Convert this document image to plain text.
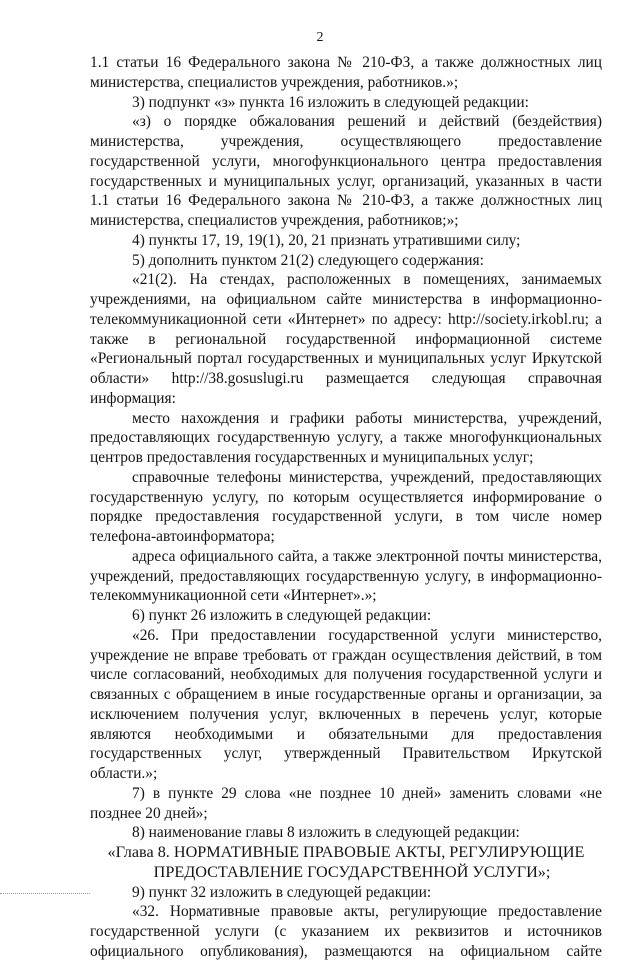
2
1.1 статьи 16 Федерального закона № 210-ФЗ, а также должностных лиц
министерства, специалистов учреждения, работников.»;
3) подпункт «з» пункта 16 изложить в следующей редакции:
«з) о порядке обжалования решений и действий (бездействия)
министерства, учреждения, осуществляющего предоставление
государственной услуги, многофункционального центра предоставления
государственных и муниципальных услуг, организаций, указанных в части
1.1 статьи 16 Федерального закона № 210-ФЗ, а также должностных лиц
министерства, специалистов учреждения, работников;»;
4) пункты 17, 19, 19(1), 20, 21 признать утратившими силу;
5) дополнить пунктом 21(2) следующего содержания:
«21(2). На стендах, расположенных в помещениях, занимаемых
учреждениями, на официальном сайте министерства в информационно-
телекоммуникационной сети «Интернет» по адресу: http://society.irkobl.ru; а
также в региональной государственной информационной системе
«Региональный портал государственных и муниципальных услуг Иркутской
области» http://38.gosuslugi.ru размещается следующая справочная
информация:
место нахождения и графики работы министерства, учреждений,
предоставляющих государственную услугу, а также многофункциональных
центров предоставления государственных и муниципальных услуг;
справочные телефоны министерства, учреждений, предоставляющих
государственную услугу, по которым осуществляется информирование о
порядке предоставления государственной услуги, в том числе номер
телефона-автоинформатора;
адреса официального сайта, а также электронной почты министерства,
учреждений, предоставляющих государственную услугу, в информационно-
телекоммуникационной сети «Интернет».»;
6) пункт 26 изложить в следующей редакции:
«26. При предоставлении государственной услуги министерство,
учреждение не вправе требовать от граждан осуществления действий, в том
числе согласований, необходимых для получения государственной услуги и
связанных с обращением в иные государственные органы и организации, за
исключением получения услуг, включенных в перечень услуг, которые
являются необходимыми и обязательными для предоставления
государственных услуг, утвержденный Правительством Иркутской
области.»;
7) в пункте 29 слова «не позднее 10 дней» заменить словами «не
позднее 20 дней»;
8) наименование главы 8 изложить в следующей редакции:
«Глава 8. НОРМАТИВНЫЕ ПРАВОВЫЕ АКТЫ, РЕГУЛИРУЮЩИЕ
ПРЕДОСТАВЛЕНИЕ ГОСУДАРСТВЕННОЙ УСЛУГИ»;
9) пункт 32 изложить в следующей редакции:
«32. Нормативные правовые акты, регулирующие предоставление
государственной услуги (с указанием их реквизитов и источников
официального опубликования), размещаются на официальном сайте
